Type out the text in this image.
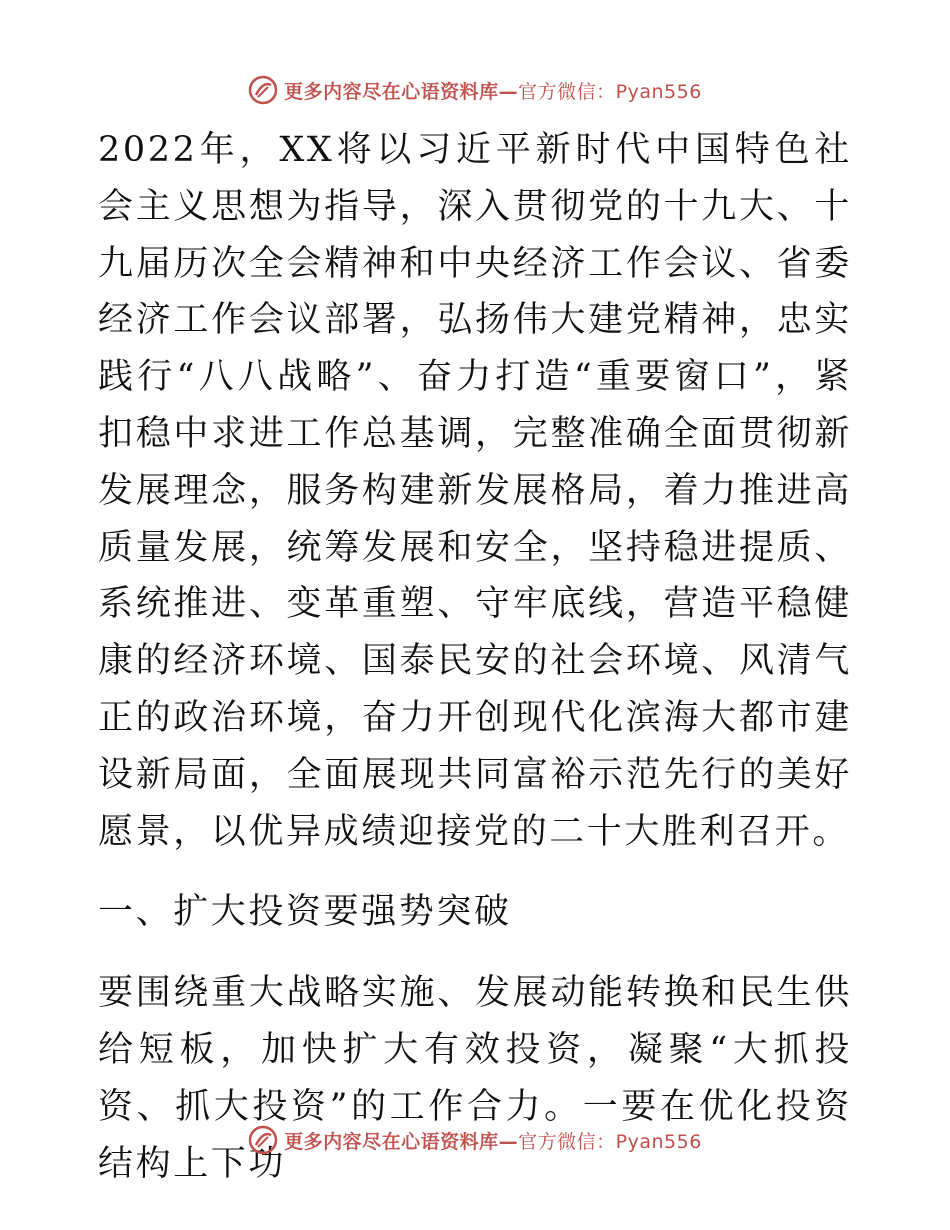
更多内容尽在心语资料库—官方微信：Pyan556

2022年，XX将以习近平新时代中国特色社会主义思想为指导，深入贯彻党的十九大、十九届历次全会精神和中央经济工作会议、省委经济工作会议部署，弘扬伟大建党精神，忠实践行“八八战略”、奋力打造“重要窗口”，紧扣稳中求进工作总基调，完整准确全面贯彻新发展理念，服务构建新发展格局，着力推进高质量发展，统筹发展和安全，坚持稳进提质、系统推进、变革重塑、守牢底线，营造平稳健康的经济环境、国泰民安的社会环境、风清气正的政治环境，奋力开创现代化滨海大都市建设新局面，全面展现共同富裕示范先行的美好愿景，以优异成绩迎接党的二十大胜利召开。

一、扩大投资要强势突破

要围绕重大战略实施、发展动能转换和民生供给短板，加快扩大有效投资，凝聚“大抓投资、抓大投资”的工作合力。一要在优化投资结构上下功

更多内容尽在心语资料库—官方微信：Pyan556
